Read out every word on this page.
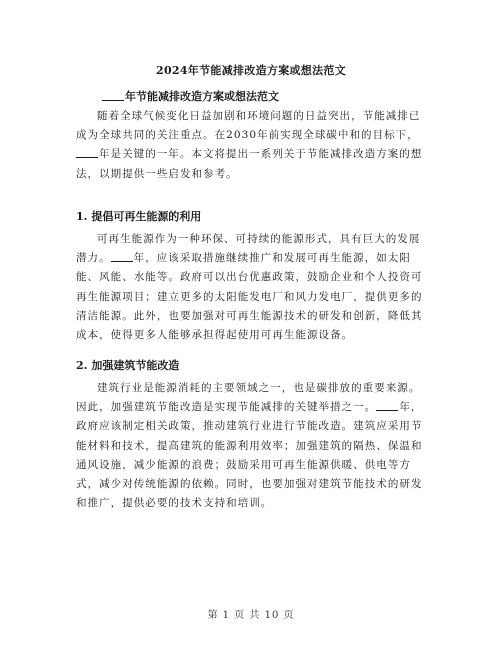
2024年节能减排改造方案或想法范文
年节能减排改造方案或想法范文
随着全球气候变化日益加剧和环境问题的日益突出，节能减排已
成为全球共同的关注重点。在2030年前实现全球碳中和的目标下，
年是关键的一年。本文将提出一系列关于节能减排改造方案的想
法，以期提供一些启发和参考。
1. 提倡可再生能源的利用
可再生能源作为一种环保、可持续的能源形式，具有巨大的发展
潜力。 年，应该采取措施继续推广和发展可再生能源，如太阳
能、风能、水能等。政府可以出台优惠政策，鼓励企业和个人投资可
再生能源项目；建立更多的太阳能发电厂和风力发电厂，提供更多的
清洁能源。此外，也要加强对可再生能源技术的研发和创新，降低其
成本，使得更多人能够承担得起使用可再生能源设备。
2. 加强建筑节能改造
建筑行业是能源消耗的主要领域之一，也是碳排放的重要来源。
因此，加强建筑节能改造是实现节能减排的关键举措之一。 年，
政府应该制定相关政策，推动建筑行业进行节能改造。建筑应采用节
能材料和技术，提高建筑的能源利用效率；加强建筑的隔热、保温和
通风设施，减少能源的浪费；鼓励采用可再生能源供暖、供电等方
式，减少对传统能源的依赖。同时，也要加强对建筑节能技术的研发
和推广，提供必要的技术支持和培训。
第 1 页 共 10 页
